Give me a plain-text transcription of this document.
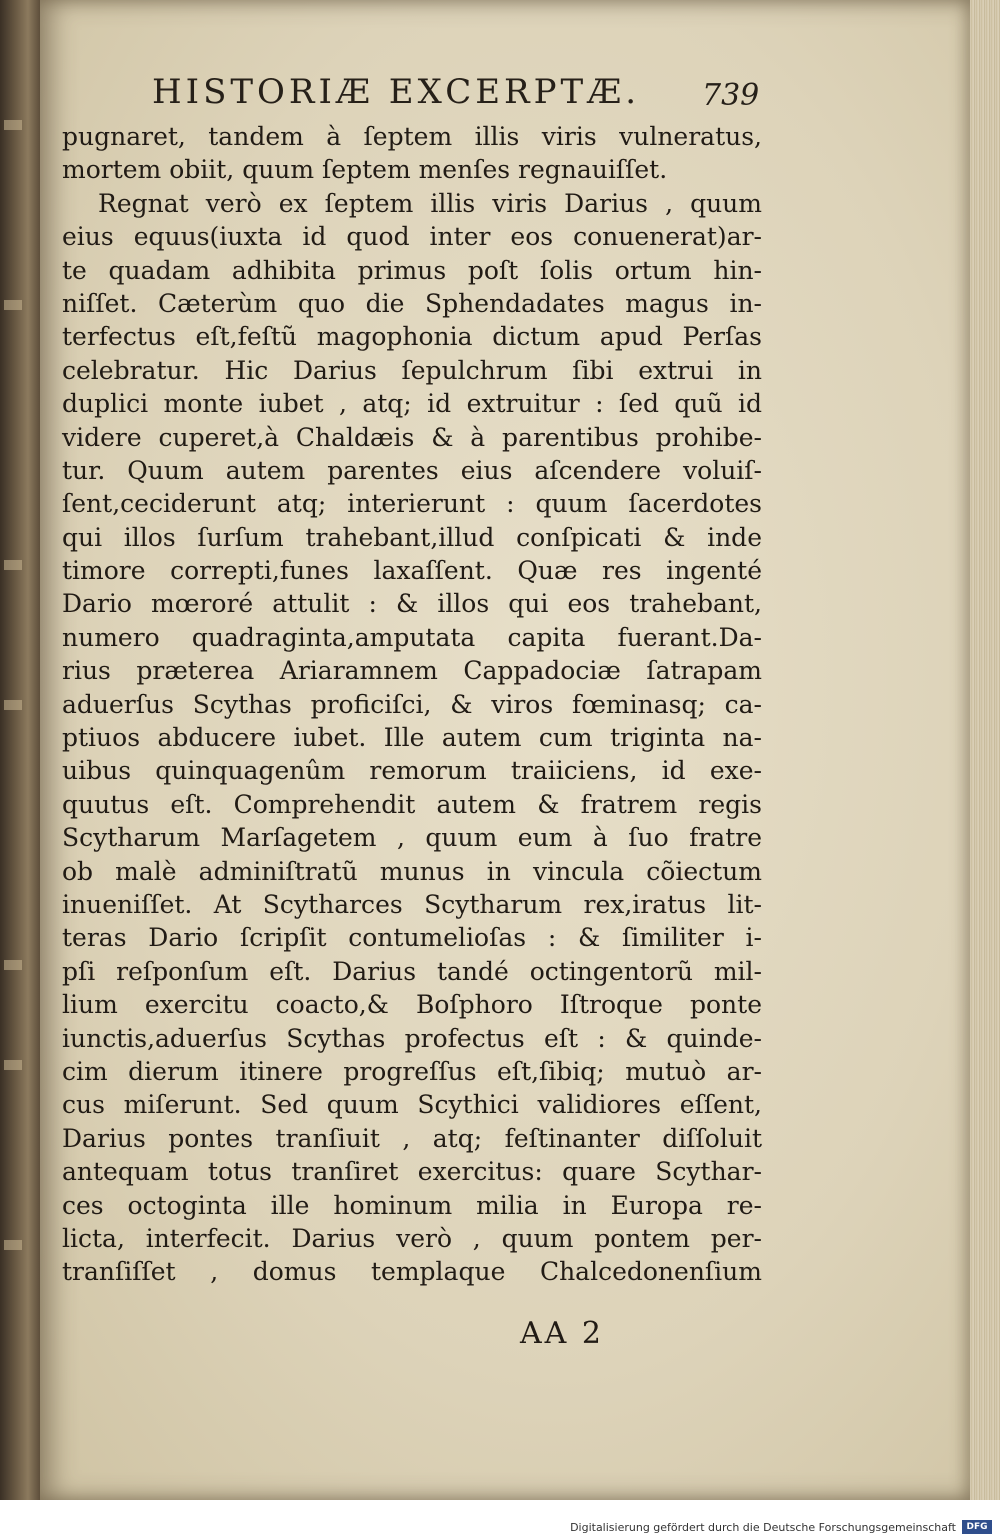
HISTORIÆ EXCERPTÆ. 739
pugnaret, tandem à ſeptem illis viris vulneratus,
mortem obiit, quum ſeptem menſes regnauiſſet.
Regnat verò ex ſeptem illis viris Darius , quum
eius equus(iuxta id quod inter eos conuenerat)ar-
te quadam adhibita primus poſt ſolis ortum hin-
niſſet. Cæterùm quo die Sphendadates magus in-
terfectus eſt,feſtũ magophonia dictum apud Perſas
celebratur. Hic Darius ſepulchrum ſibi extrui in
duplici monte iubet , atq; id extruitur : ſed quũ id
videre cuperet,à Chaldæis & à parentibus prohibe-
tur. Quum autem parentes eius aſcendere voluiſ-
ſent,ceciderunt atq; interierunt : quum ſacerdotes
qui illos ſurſum trahebant,illud conſpicati & inde
timore correpti,funes laxaſſent. Quæ res ingenté
Dario mœroré attulit : & illos qui eos trahebant,
numero quadraginta,amputata capita fuerant.Da-
rius præterea Ariaramnem Cappadociæ ſatrapam
aduerſus Scythas proficiſci, & viros fœminasq; ca-
ptiuos abducere iubet. Ille autem cum triginta na-
uibus quinquagenûm remorum traiiciens, id exe-
quutus eſt. Comprehendit autem & fratrem regis
Scytharum Marſagetem , quum eum à ſuo fratre
ob malè adminiſtratũ munus in vincula cõiectum
inueniſſet. At Scytharces Scytharum rex,iratus lit-
teras Dario ſcripſit contumelioſas : & ſimiliter i-
pſi reſponſum eſt. Darius tandé octingentorũ mil-
lium exercitu coacto,& Boſphoro Iſtroque ponte
iunctis,aduerſus Scythas profectus eſt : & quinde-
cim dierum itinere progreſſus eſt,ſibiq; mutuò ar-
cus miſerunt. Sed quum Scythici validiores eſſent,
Darius pontes tranſiuit , atq; feſtinanter diſſoluit
antequam totus tranſiret exercitus: quare Scythar-
ces octoginta ille hominum milia in Europa re-
licta, interfecit. Darius verò , quum pontem per-
tranſiſſet , domus templaque Chalcedonenſium
AA 2
Digitalisierung gefördert durch die Deutsche Forschungsgemeinschaft	DFG
